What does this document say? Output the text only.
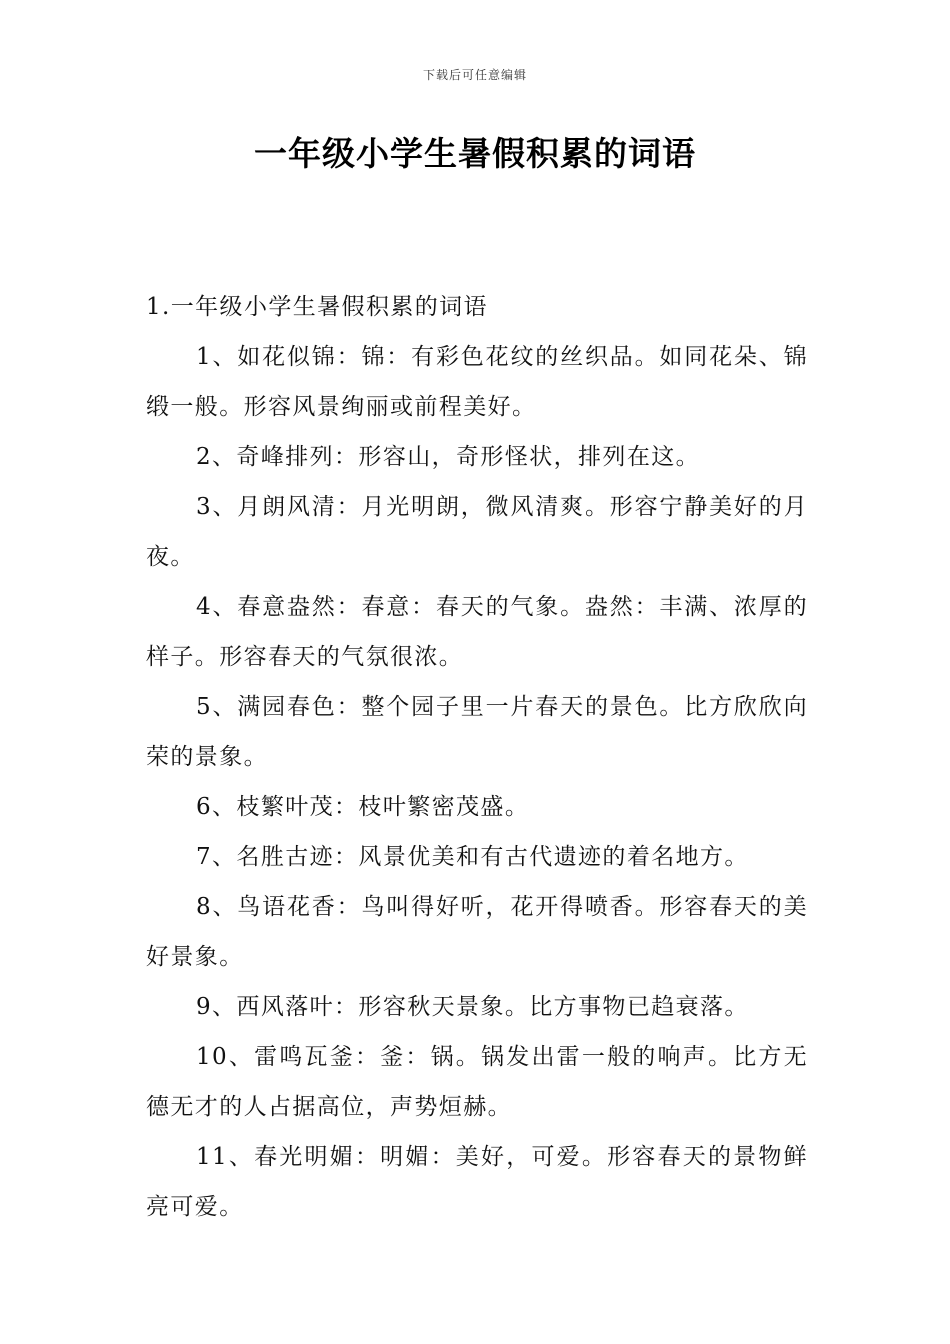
下载后可任意编辑
一年级小学生暑假积累的词语

1.一年级小学生暑假积累的词语

1、如花似锦：锦：有彩色花纹的丝织品。如同花朵、锦缎一般。形容风景绚丽或前程美好。

2、奇峰排列：形容山，奇形怪状，排列在这。

3、月朗风清：月光明朗，微风清爽。形容宁静美好的月夜。

4、春意盎然：春意：春天的气象。盎然：丰满、浓厚的样子。形容春天的气氛很浓。

5、满园春色：整个园子里一片春天的景色。比方欣欣向荣的景象。

6、枝繁叶茂：枝叶繁密茂盛。

7、名胜古迹：风景优美和有古代遗迹的着名地方。

8、鸟语花香：鸟叫得好听，花开得喷香。形容春天的美好景象。

9、西风落叶：形容秋天景象。比方事物已趋衰落。

10、雷鸣瓦釜：釜：锅。锅发出雷一般的响声。比方无德无才的人占据高位，声势烜赫。

11、春光明媚：明媚：美好，可爱。形容春天的景物鲜亮可爱。
